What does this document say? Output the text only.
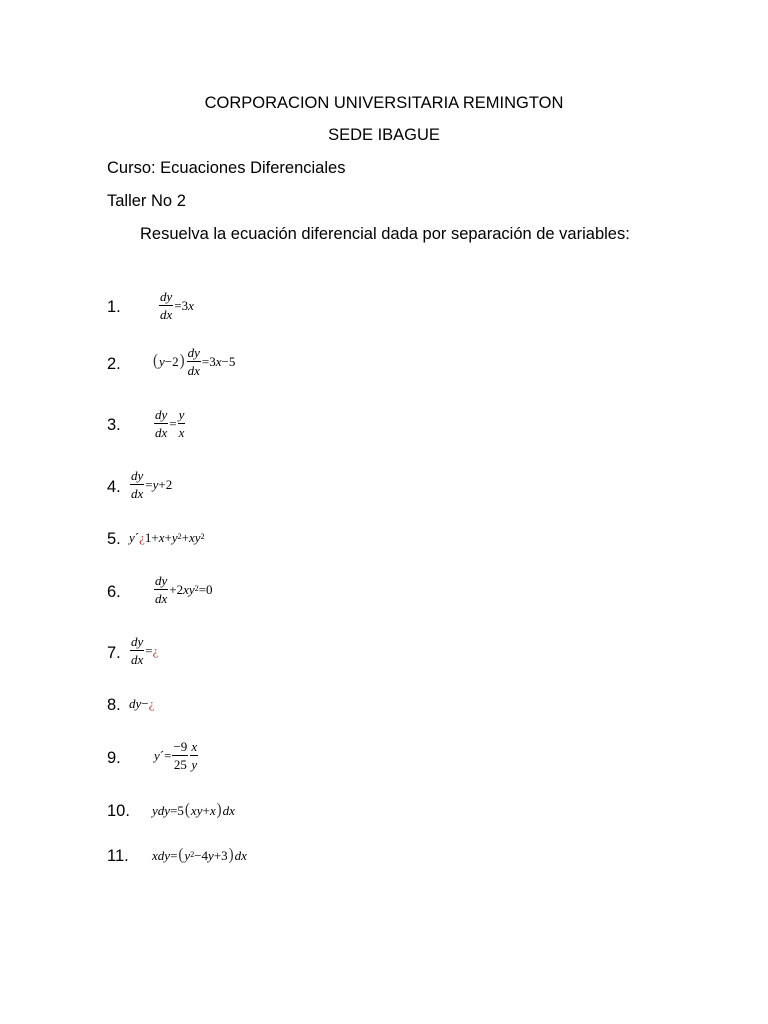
CORPORACION UNIVERSITARIA REMINGTON
SEDE IBAGUE
Curso: Ecuaciones Diferenciales
Taller No 2
Resuelva la ecuación diferencial dada por separación de variables:
1.	$\frac{dy}{dx} = 3$ x
2. ( y − 2 ) $\frac{dy}{dx} = 3$ x − 5
3.	$\frac{dy}{dx} = \frac{y}{x}$
4. $\frac{dy}{dx} = y + 2$
5. y ´ ¿ $1 + x + y^2 + x$ $y^2$
6.	$\frac{dy}{dx} + 2$ x $y^2 = 0$
7. $\frac{dy}{dx}$ = ¿
8. dy − ¿
9.	y ´ = $\frac{-9}{25} \frac{x}{y}$
10. y dy = 5 ( x y + x ) dx
11. x dy = ( $y^2 - 4$ y + 3 ) dx
